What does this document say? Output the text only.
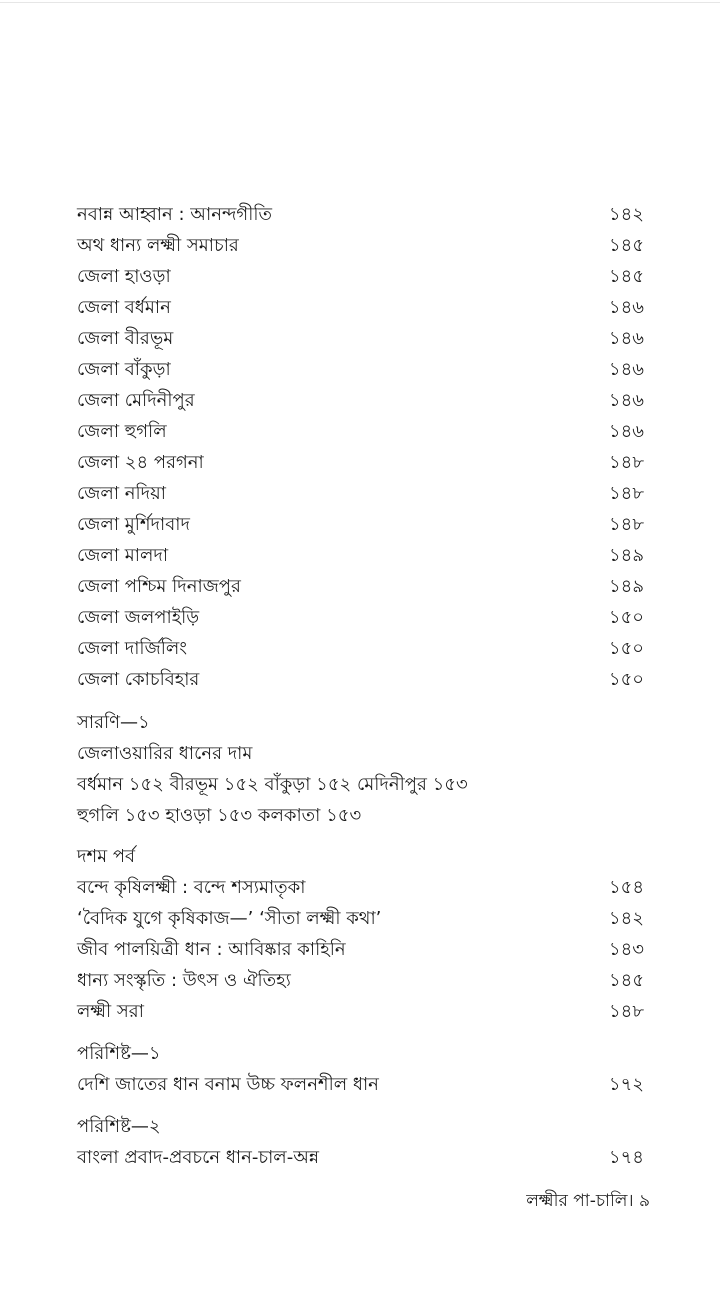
নবান্ন আহ্বান : আনন্দগীতি	১৪২
অথ ধান্য লক্ষ্মী সমাচার	১৪৫
জেলা হাওড়া	১৪৫
জেলা বর্ধমান	১৪৬
জেলা বীরভূম	১৪৬
জেলা বাঁকুড়া	১৪৬
জেলা মেদিনীপুর	১৪৬
জেলা হুগলি	১৪৬
জেলা ২৪ পরগনা	১৪৮
জেলা নদিয়া	১৪৮
জেলা মুর্শিদাবাদ	১৪৮
জেলা মালদা	১৪৯
জেলা পশ্চিম দিনাজপুর	১৪৯
জেলা জলপাইড়ি	১৫০
জেলা দার্জিলিং	১৫০
জেলা কোচবিহার	১৫০
সারণি—১
জেলাওয়ারির ধানের দাম
বর্ধমান ১৫২ বীরভূম ১৫২ বাঁকুড়া ১৫২ মেদিনীপুর ১৫৩
হুগলি ১৫৩ হাওড়া ১৫৩ কলকাতা ১৫৩
দশম পর্ব
বন্দে কৃষিলক্ষ্মী : বন্দে শস্যমাতৃকা	১৫৪
‘বৈদিক যুগে কৃষিকাজ—’ ‘সীতা লক্ষ্মী কথা’	১৪২
জীব পালয়িত্রী ধান : আবিষ্কার কাহিনি	১৪৩
ধান্য সংস্কৃতি : উৎস ও ঐতিহ্য	১৪৫
লক্ষ্মী সরা	১৪৮
পরিশিষ্ট—১
দেশি জাতের ধান বনাম উচ্চ ফলনশীল ধান	১৭২
পরিশিষ্ট—২
বাংলা প্রবাদ-প্রবচনে ধান-চাল-অন্ন	১৭৪
লক্ষ্মীর পা-চালি। ৯
